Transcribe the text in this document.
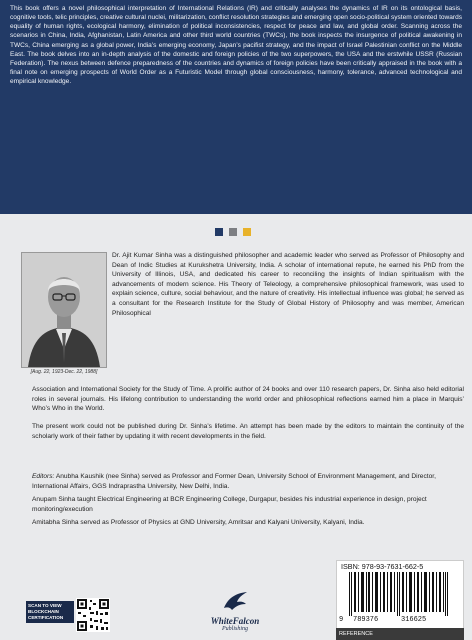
This book offers a novel philosophical interpretation of International Relations (IR) and critically analyses the dynamics of IR on its ontological basis, cognitive tools, telic principles, creative cultural nuclei, militarization, conflict resolution strategies and emerging open socio-political system oriented towards equality of human rights, ecological harmony, elimination of political inconsistencies, respect for peace and law, and global order. Scanning across the scenarios in China, India, Afghanistan, Latin America and other third world countries (TWCs), the book inspects the insurgence of political awakening in TWCs, China emerging as a global power, India’s emerging economy, Japan’s pacifist strategy, and the impact of Israel Palestinian conflict on the Middle East. The book delves into an in-depth analysis of the domestic and foreign policies of the two superpowers, the USA and the erstwhile USSR (Russian Federation). The nexus between defence preparedness of the countries and dynamics of foreign policies have been critically appraised in the book with a final note on emerging prospects of World Order as a Futuristic Model through global consciousness, harmony, tolerance, advanced technological and empirical knowledge.

[Aug. 22, 1923-Dec. 22, 1988]
Dr. Ajit Kumar Sinha was a distinguished philosopher and academic leader who served as Professor of Philosophy and Dean of Indic Studies at Kurukshetra University, India. A scholar of international repute, he earned his PhD from the University of Illinois, USA, and dedicated his career to reconciling the insights of Indian spiritualism with the advancements of modern science. His Theory of Teleology, a comprehensive philosophical framework, was used to explain science, culture, social behaviour, and the nature of creativity. His intellectual influence was global; he served as a consultant for the Research Institute for the Study of Global History of Philosophy and was member, American Philosophical
Association and International Society for the Study of Time. A prolific author of 24 books and over 110 research papers, Dr. Sinha also held editorial roles in several journals. His lifelong contribution to understanding the world order and philosophical reflections earned him a place in Marquis’ Who’s Who in the World.
The present work could not be published during Dr. Sinha’s lifetime. An attempt has been made by the editors to maintain the continuity of the scholarly work of their father by updating it with recent developments in the field.

Editors: Anubha Kaushik (nee Sinha) served as Professor and Former Dean, University School of Environment Management, and Director, International Affairs, GGS Indraprastha University, New Delhi, India.

Anupam Sinha taught Electrical Engineering at BCR Engineering College, Durgapur, besides his industrial experience in design, project monitoring/execution

Amitabha Sinha served as Professor of Physics at GND University, Amritsar and Kalyani University, Kalyani, India.

SCAN TO VIEW BLOCKCHAIN CERTIFICATION	WhiteFalcon
Publishing
ISBN: 978-93-7631-662-5
9 789376	316625
REFERENCE
